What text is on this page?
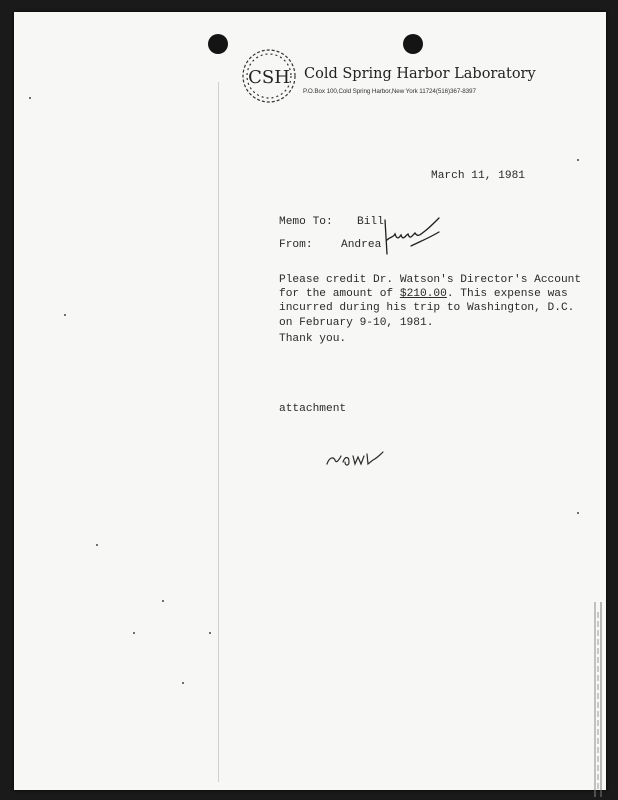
CSH Cold Spring Harbor Laboratory
P.O.Box 100,Cold Spring Harbor,New York 11724(516)367-8397
March 11, 1981
Memo To: Bill
From:	Andrea
Please credit Dr. Watson's Director's Account
for the amount of $210.00. This expense was
incurred during his trip to Washington, D.C.
on February 9-10, 1981.
Thank you.
attachment
